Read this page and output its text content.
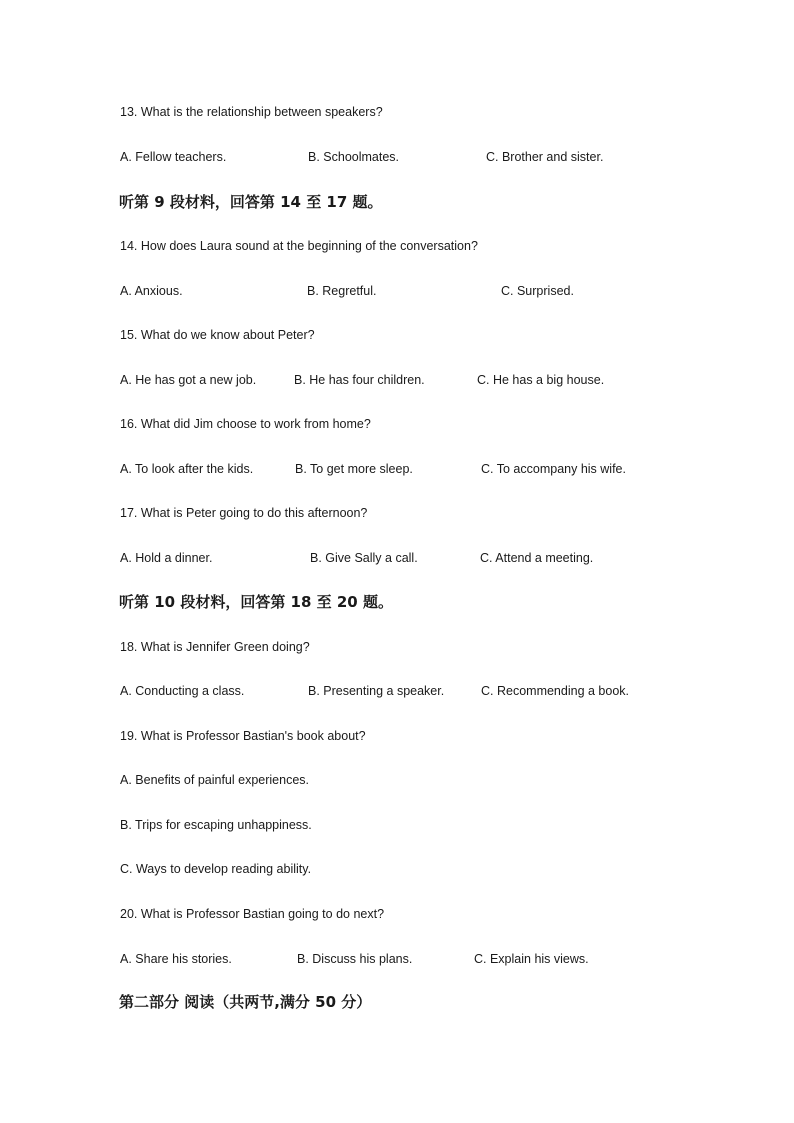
13. What is the relationship between speakers?
A. Fellow teachers.	B. Schoolmates.	C. Brother and sister.
听第 9 段材料，回答第 14 至 17 题。
14. How does Laura sound at the beginning of the conversation?
A. Anxious.	B. Regretful.	C. Surprised.
15. What do we know about Peter?
A. He has got a new job.	B. He has four children.	C. He has a big house.
16. What did Jim choose to work from home?
A. To look after the kids.	B. To get more sleep.	C. To accompany his wife.
17. What is Peter going to do this afternoon?
A. Hold a dinner.	B. Give Sally a call.	C. Attend a meeting.
听第 10 段材料，回答第 18 至 20 题。
18. What is Jennifer Green doing?
A. Conducting a class.	B. Presenting a speaker.	C. Recommending a book.
19. What is Professor Bastian's book about?
A. Benefits of painful experiences.
B. Trips for escaping unhappiness.
C. Ways to develop reading ability.
20. What is Professor Bastian going to do next?
A. Share his stories.	B. Discuss his plans.	C. Explain his views.
第二部分 阅读（共两节,满分 50 分）
